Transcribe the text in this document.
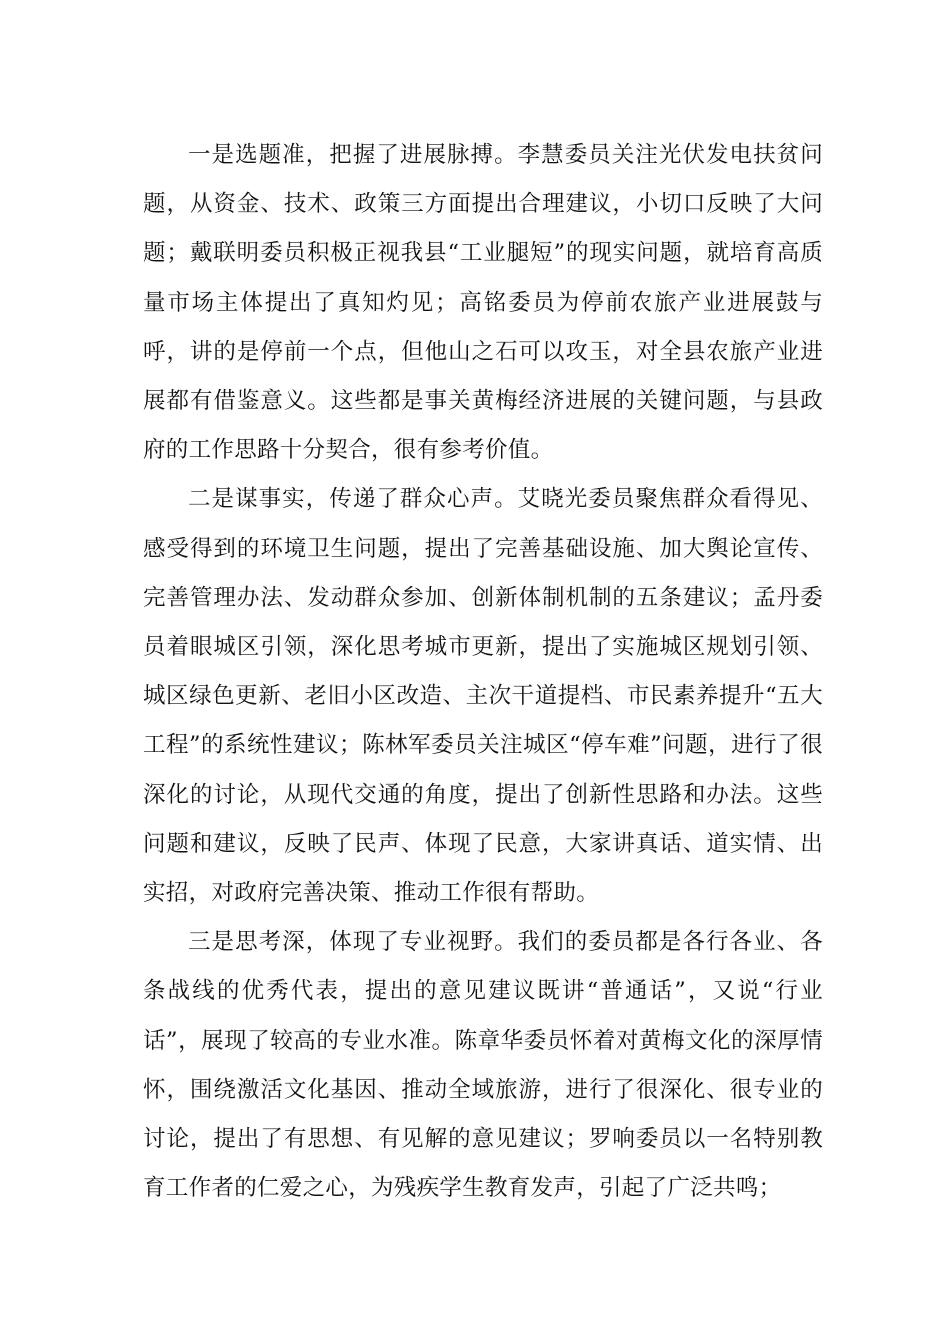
一是选题准，把握了进展脉搏。李慧委员关注光伏发电扶贫问题，从资金、技术、政策三方面提出合理建议，小切口反映了大问题；戴联明委员积极正视我县“工业腿短”的现实问题，就培育高质量市场主体提出了真知灼见；高铭委员为停前农旅产业进展鼓与呼，讲的是停前一个点，但他山之石可以攻玉，对全县农旅产业进展都有借鉴意义。这些都是事关黄梅经济进展的关键问题，与县政府的工作思路十分契合，很有参考价值。

二是谋事实，传递了群众心声。艾晓光委员聚焦群众看得见、感受得到的环境卫生问题，提出了完善基础设施、加大舆论宣传、完善管理办法、发动群众参加、创新体制机制的五条建议；孟丹委员着眼城区引领，深化思考城市更新，提出了实施城区规划引领、城区绿色更新、老旧小区改造、主次干道提档、市民素养提升“五大工程”的系统性建议；陈林军委员关注城区“停车难”问题，进行了很深化的讨论，从现代交通的角度，提出了创新性思路和办法。这些问题和建议，反映了民声、体现了民意，大家讲真话、道实情、出实招，对政府完善决策、推动工作很有帮助。

三是思考深，体现了专业视野。我们的委员都是各行各业、各条战线的优秀代表，提出的意见建议既讲“普通话”，又说“行业话”，展现了较高的专业水准。陈章华委员怀着对黄梅文化的深厚情怀，围绕激活文化基因、推动全域旅游，进行了很深化、很专业的讨论，提出了有思想、有见解的意见建议；罗响委员以一名特别教育工作者的仁爱之心，为残疾学生教育发声，引起了广泛共鸣；
